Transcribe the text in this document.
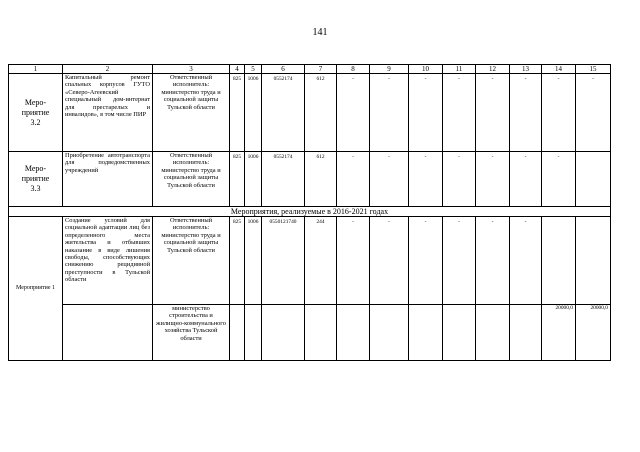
141
1	2	3	4	5	6	7	8	9	10	11	12	13	14	15
Меро-
приятие
3.2	Капитальный ремонт спальных корпусов ГУТО «Северо-Агеевский специальный дом-интернат для престарелых и инвалидов», в том числе ПИР	Ответственный исполнитель: министерство труда и социальной защиты Тульской области	825	1006	0552174	612	-	-	-	-	-	-	-	-
Меро-
приятие
3.3	Приобретение автотранспорта для подведомственных учреждений	Ответственный исполнитель: министерство труда и социальной защиты Тульской области	825	1006	0552174	612	-	-	-	-	-	-	-	
Мероприятия, реализуемые в 2016-2021 годах														
Мероприятие 1	Создание условий для социальной адаптации лиц без определенного места жительства и отбывших наказание в виде лишения свободы, способствующих снижению рецидивной преступности в Тульской области	Ответственный исполнитель: министерство труда и социальной защиты Тульской области	825	1006	0550121740	244	-	-	-	-	-	-		
		министерство строительства и жилищно-коммунального хозяйства Тульской области											20000,0	20000,0
